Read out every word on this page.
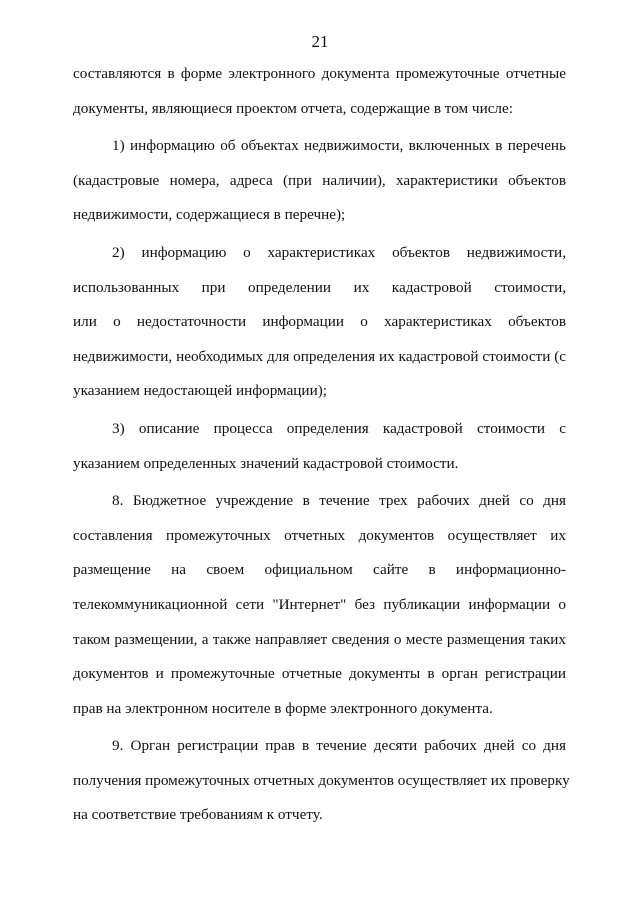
21
составляются в форме электронного документа промежуточные отчетные
документы, являющиеся проектом отчета, содержащие в том числе:
1) информацию об объектах недвижимости, включенных в перечень
(кадастровые номера, адреса (при наличии), характеристики объектов
недвижимости, содержащиеся в перечне);
2) информацию о характеристиках объектов недвижимости,
использованных при определении их кадастровой стоимости,
или о недостаточности информации о характеристиках объектов
недвижимости, необходимых для определения их кадастровой стоимости (с
указанием недостающей информации);
3) описание процесса определения кадастровой стоимости с
указанием определенных значений кадастровой стоимости.
8. Бюджетное учреждение в течение трех рабочих дней со дня
составления промежуточных отчетных документов осуществляет их
размещение на своем официальном сайте в информационно-
телекоммуникационной сети "Интернет" без публикации информации о
таком размещении, а также направляет сведения о месте размещения таких
документов и промежуточные отчетные документы в орган регистрации
прав на электронном носителе в форме электронного документа.
9. Орган регистрации прав в течение десяти рабочих дней со дня
получения промежуточных отчетных документов осуществляет их проверку
на соответствие требованиям к отчету.
